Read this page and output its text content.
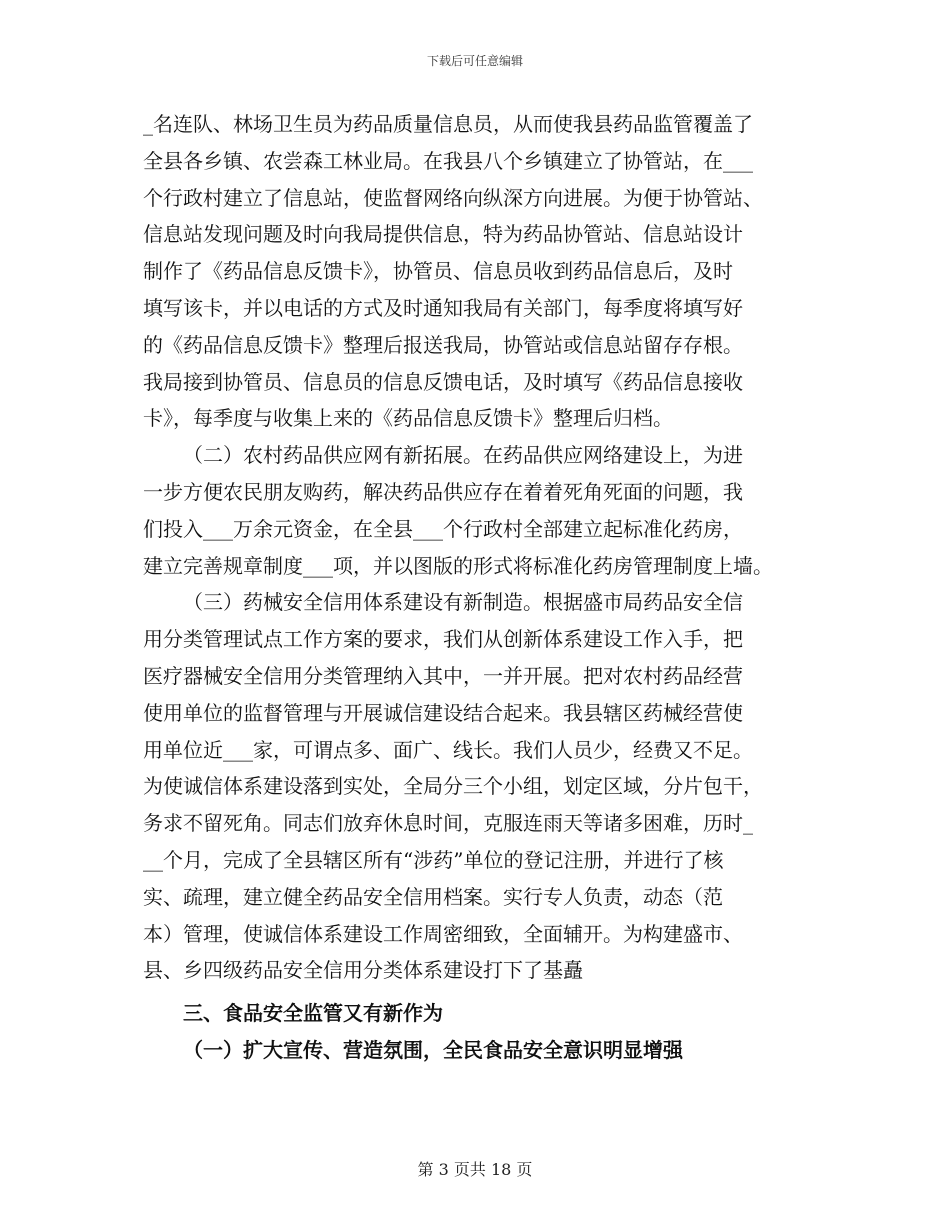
下载后可任意编辑
_名连队、林场卫生员为药品质量信息员，从而使我县药品监管覆盖了
全县各乡镇、农尝森工林业局。在我县八个乡镇建立了协管站，在___
个行政村建立了信息站，使监督网络向纵深方向进展。为便于协管站、
信息站发现问题及时向我局提供信息，特为药品协管站、信息站设计
制作了《药品信息反馈卡》，协管员、信息员收到药品信息后，及时
填写该卡，并以电话的方式及时通知我局有关部门，每季度将填写好
的《药品信息反馈卡》整理后报送我局，协管站或信息站留存存根。
我局接到协管员、信息员的信息反馈电话，及时填写《药品信息接收
卡》，每季度与收集上来的《药品信息反馈卡》整理后归档。
（二）农村药品供应网有新拓展。在药品供应网络建设上，为进
一步方便农民朋友购药，解决药品供应存在着着死角死面的问题，我
们投入___万余元资金，在全县___个行政村全部建立起标准化药房，
建立完善规章制度___项，并以图版的形式将标准化药房管理制度上墙。
（三）药械安全信用体系建设有新制造。根据盛市局药品安全信
用分类管理试点工作方案的要求，我们从创新体系建设工作入手，把
医疗器械安全信用分类管理纳入其中，一并开展。把对农村药品经营
使用单位的监督管理与开展诚信建设结合起来。我县辖区药械经营使
用单位近___家，可谓点多、面广、线长。我们人员少，经费又不足。
为使诚信体系建设落到实处，全局分三个小组，划定区域，分片包干，
务求不留死角。同志们放弃休息时间，克服连雨天等诸多困难，历时_
__个月，完成了全县辖区所有“涉药”单位的登记注册，并进行了核
实、疏理，建立健全药品安全信用档案。实行专人负责，动态（范
本）管理，使诚信体系建设工作周密细致，全面辅开。为构建盛市、
县、乡四级药品安全信用分类体系建设打下了基矗
三、食品安全监管又有新作为
（一）扩大宣传、营造氛围，全民食品安全意识明显增强
第 3 页共 18 页
